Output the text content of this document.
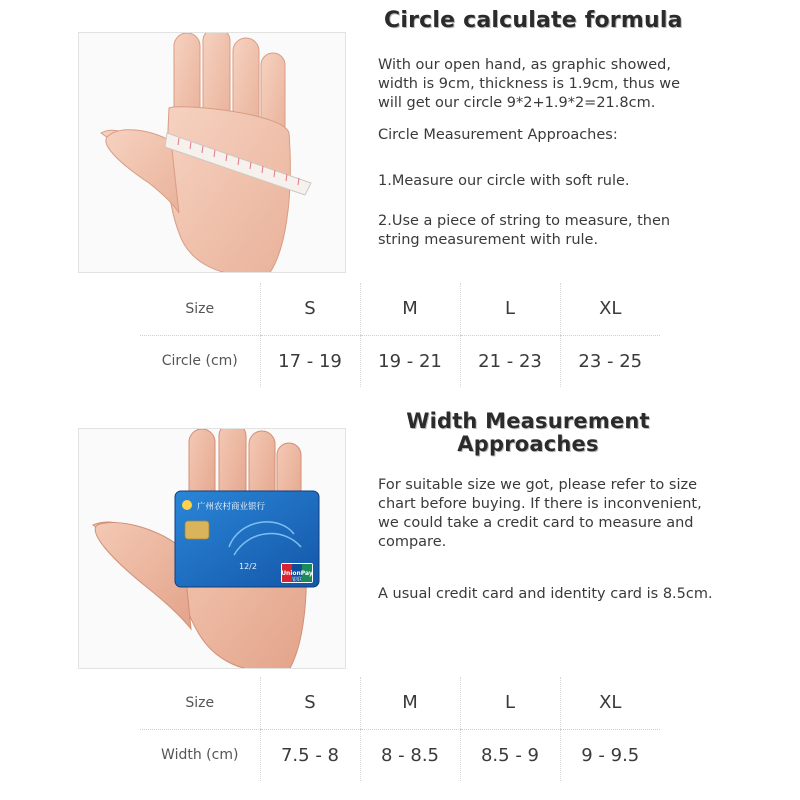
Circle calculate formula
With our open hand, as graphic showed,
width is 9cm, thickness is 1.9cm, thus we
will get our circle 9*2+1.9*2=21.8cm.
Circle Measurement Approaches:
1.Measure our circle with soft rule.
2.Use a piece of string to measure, then
string measurement with rule.
Size	S	M	L	XL
Circle (cm)	17 - 19	19 - 21	21 - 23	23 - 25
广州农村商业银行
12/2
UnionPay
银联
Width Measurement
Approaches
For suitable size we got, please refer to size
chart before buying. If there is inconvenient,
we could take a credit card to measure and
compare.
A usual credit card and identity card is 8.5cm.
Size	S	M	L	XL
Width (cm)	7.5 - 8	8 - 8.5	8.5 - 9	9 - 9.5
